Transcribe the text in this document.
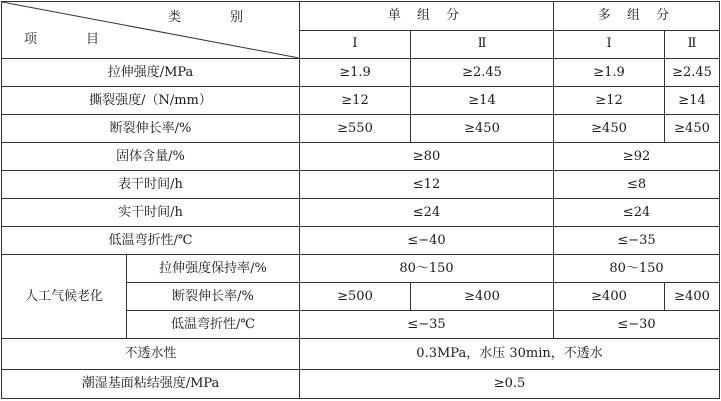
类　别
项　目		单 组 分		多 组 分	
		Ⅰ	Ⅱ	Ⅰ	Ⅱ
拉伸强度/MPa		≥1.9	≥2.45	≥1.9	≥2.45
撕裂强度/（N/mm）		≥12	≥14	≥12	≥14
断裂伸长率/%		≥550	≥450	≥450	≥450
固体含量/%		≥80		≥92	
表干时间/h		≤12		≤8	
实干时间/h		≤24		≤24	
低温弯折性/℃		≤−40		≤−35	
人工气候老化	拉伸强度保持率/%	80～150		80～150	
	断裂伸长率/%	≥500	≥400	≥400	≥400
	低温弯折性/℃	≤−35		≤−30	
不透水性		0.3MPa，水压 30min，不透水			
潮湿基面粘结强度/MPa		≥0.5			
